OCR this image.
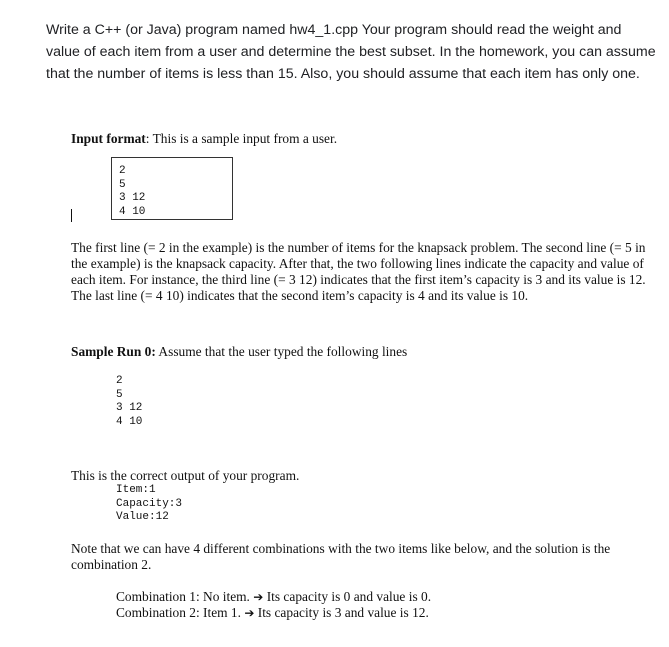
Write a C++ (or Java) program named hw4_1.cpp Your program should read the weight and value of each item from a user and determine the best subset. In the homework, you can assume that the number of items is less than 15. Also, you should assume that each item has only one.

Input format: This is a sample input from a user.

2
5
3 12
4 10

The first line (= 2 in the example) is the number of items for the knapsack problem. The second line (= 5 in the example) is the knapsack capacity. After that, the two following lines indicate the capacity and value of each item. For instance, the third line (= 3 12) indicates that the first item’s capacity is 3 and its value is 12. The last line (= 4 10) indicates that the second item’s capacity is 4 and its value is 10.

Sample Run 0: Assume that the user typed the following lines

2
5
3 12
4 10

This is the correct output of your program.

Item:1
Capacity:3
Value:12

Note that we can have 4 different combinations with the two items like below, and the solution is the combination 2.

Combination 1: No item. ➔ Its capacity is 0 and value is 0.

Combination 2: Item 1. ➔ Its capacity is 3 and value is 12.
